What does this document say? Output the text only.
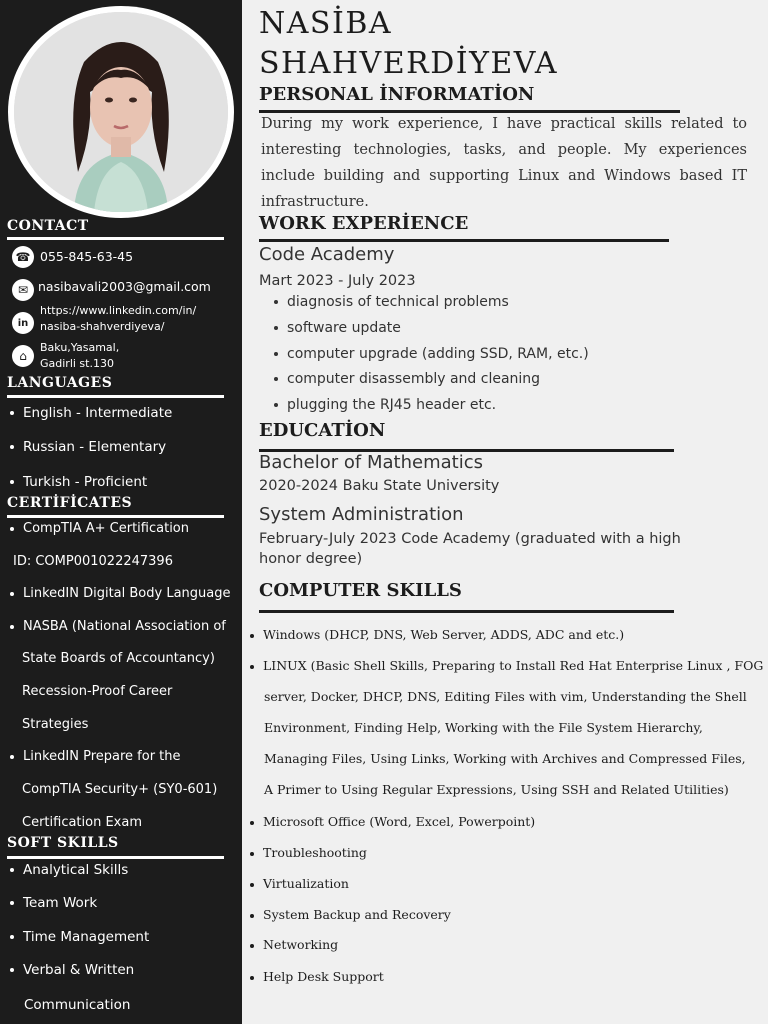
CONTACT
☎ 055-845-63-45
✉ nasibavali2003@gmail.com
in
https://www.linkedin.com/in/
nasiba-shahverdiyeva/
⌂
Baku,Yasamal,
Gadirli st.130
LANGUAGES
English - Intermediate
Russian - Elementary
Turkish - Proficient
CERTİFİCATES
CompTIA A+ Certification
ID: COMP001022247396
LinkedIN Digital Body Language
NASBA (National Association of
State Boards of Accountancy)
Recession-Proof Career
Strategies
LinkedIN Prepare for the
CompTIA Security+ (SY0-601)
Certification Exam
SOFT SKILLS
Analytical Skills
Team Work
Time Management
Verbal & Written
Communication
NASİBA
SHAHVERDİYEVA
PERSONAL İNFORMATİON
During my work experience, I have practical skills related to interesting technologies, tasks, and people. My experiences include building and supporting Linux and Windows based IT infrastructure.
WORK EXPERİENCE
Code Academy
Mart 2023 - July 2023
diagnosis of technical problems
software update
computer upgrade (adding SSD, RAM, etc.)
computer disassembly and cleaning
plugging the RJ45 header etc.
EDUCATİON
Bachelor of Mathematics
2020-2024 Baku State University
System Administration
February-July 2023 Code Academy (graduated with a high
honor degree)
COMPUTER SKILLS
Windows (DHCP, DNS, Web Server, ADDS, ADC and etc.)
LINUX (Basic Shell Skills, Preparing to Install Red Hat Enterprise Linux , FOG
server, Docker, DHCP, DNS, Editing Files with vim, Understanding the Shell
Environment, Finding Help, Working with the File System Hierarchy,
Managing Files, Using Links, Working with Archives and Compressed Files,
A Primer to Using Regular Expressions, Using SSH and Related Utilities)
Microsoft Office (Word, Excel, Powerpoint)
Troubleshooting
Virtualization
System Backup and Recovery
Networking
Help Desk Support
